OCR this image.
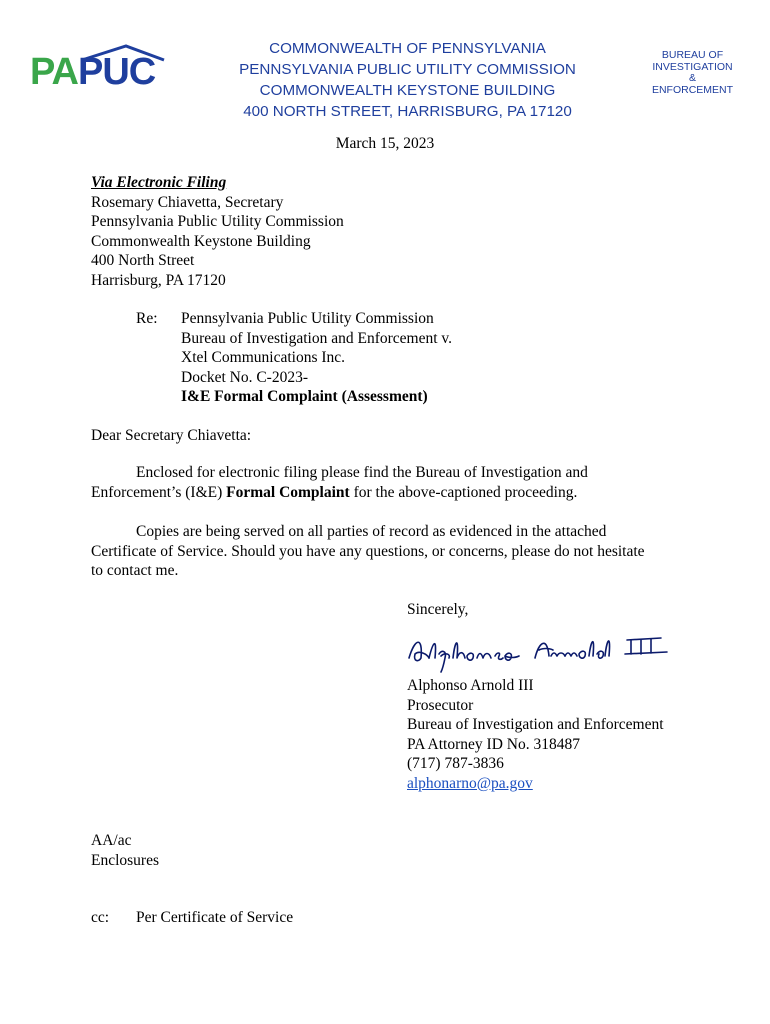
PAPUC
COMMONWEALTH OF PENNSYLVANIA
PENNSYLVANIA PUBLIC UTILITY COMMISSION
COMMONWEALTH KEYSTONE BUILDING
400 NORTH STREET, HARRISBURG, PA 17120
BUREAU OF
INVESTIGATION
&
ENFORCEMENT
March 15, 2023
Via Electronic Filing
Rosemary Chiavetta, Secretary
Pennsylvania Public Utility Commission
Commonwealth Keystone Building
400 North Street
Harrisburg, PA 17120
Re: Pennsylvania Public Utility Commission
Bureau of Investigation and Enforcement v.
Xtel Communications Inc.
Docket No. C-2023-
I&E Formal Complaint (Assessment)
Dear Secretary Chiavetta:
Enclosed for electronic filing please find the Bureau of Investigation and
Enforcement’s (I&E) Formal Complaint for the above-captioned proceeding.
Copies are being served on all parties of record as evidenced in the attached
Certificate of Service. Should you have any questions, or concerns, please do not hesitate
to contact me.
Sincerely,
Alphonso Arnold III
Prosecutor
Bureau of Investigation and Enforcement
PA Attorney ID No. 318487
(717) 787-3836
alphonarno@pa.gov
AA/ac
Enclosures
cc: Per Certificate of Service
